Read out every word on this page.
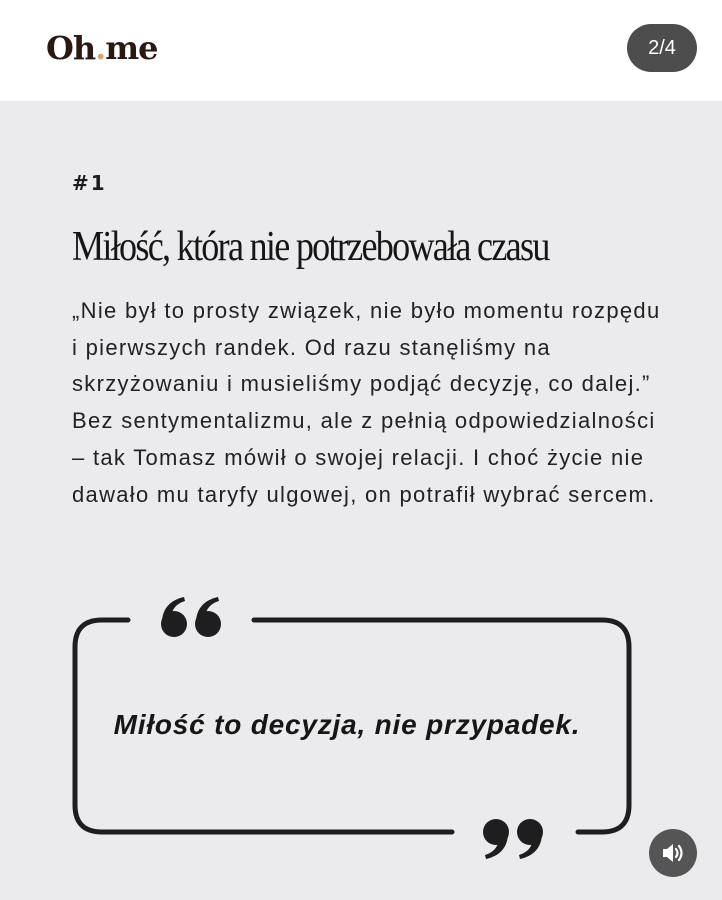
Oh.me	2/4
#1
Miłość, która nie potrzebowała czasu

„Nie był to prosty związek, nie było momentu rozpędu i pierwszych randek. Od razu stanęliśmy na skrzyżowaniu i musieliśmy podjąć decyzję, co dalej.”

Bez sentymentalizmu, ale z pełnią odpowiedzialności – tak Tomasz mówił o swojej relacji. I choć życie nie dawało mu taryfy ulgowej, on potrafił wybrać sercem.

Miłość to decyzja, nie przypadek.
